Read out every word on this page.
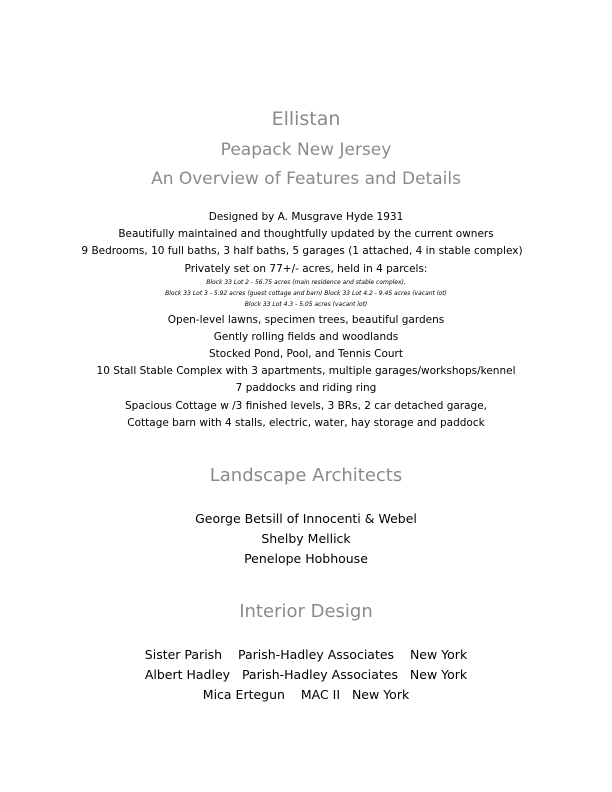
Ellistan
Peapack New Jersey
An Overview of Features and Details
Designed by A. Musgrave Hyde 1931
Beautifully maintained and thoughtfully updated by the current owners
9 Bedrooms, 10 full baths, 3 half baths, 5 garages (1 attached, 4 in stable complex)
Privately set on 77+/- acres, held in 4 parcels:
Block 33 Lot 2 - 56.75 acres (main residence and stable complex),
Block 33 Lot 3 - 5.92 acres (guest cottage and barn) Block 33 Lot 4.2 - 9.45 acres (vacant lot)
Block 33 Lot 4.3 - 5.05 acres (vacant lot)
Open-level lawns, specimen trees, beautiful gardens
Gently rolling fields and woodlands
Stocked Pond, Pool, and Tennis Court
10 Stall Stable Complex with 3 apartments, multiple garages/workshops/kennel
7 paddocks and riding ring
Spacious Cottage w /3 finished levels, 3 BRs, 2 car detached garage,
Cottage barn with 4 stalls, electric, water, hay storage and paddock
Landscape Architects
George Betsill of Innocenti & Webel
Shelby Mellick
Penelope Hobhouse
Interior Design
Sister Parish    Parish-Hadley Associates    New York
Albert Hadley   Parish-Hadley Associates   New York
Mica Ertegun    MAC II   New York
